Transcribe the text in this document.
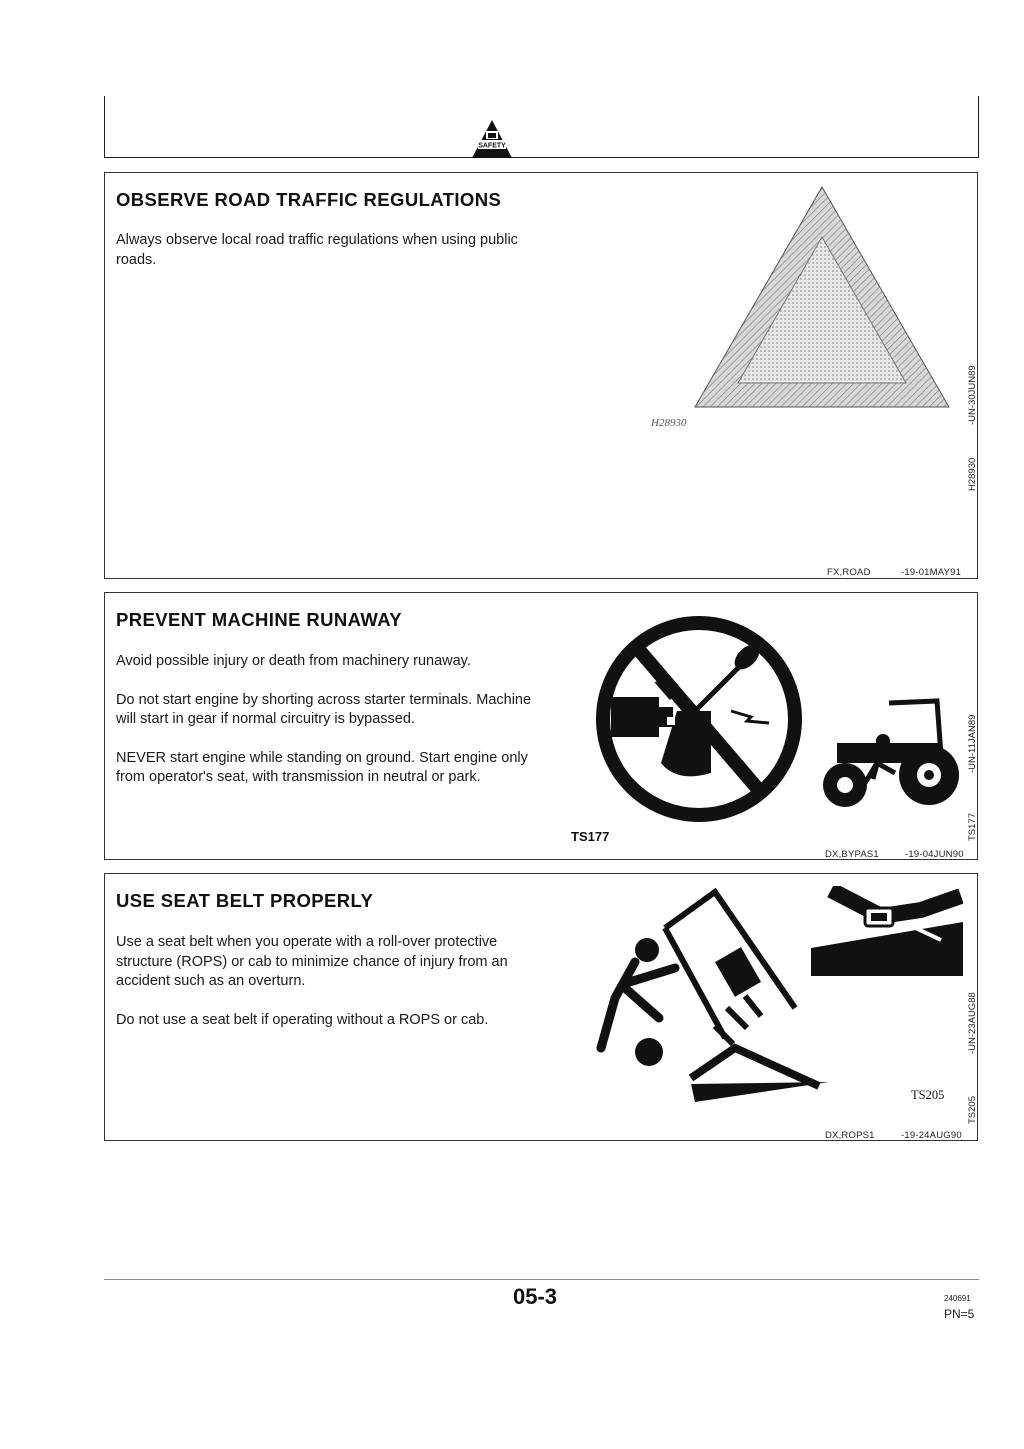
SAFETY
OBSERVE ROAD TRAFFIC REGULATIONS

Always observe local road traffic regulations when using public roads.

H28930	-UN-30JUN89
H28930
FX,ROAD	-19-01MAY91
PREVENT MACHINE RUNAWAY

Avoid possible injury or death from machinery runaway.

Do not start engine by shorting across starter terminals. Machine will start in gear if normal circuitry is bypassed.

NEVER start engine while standing on ground. Start engine only from operator's seat, with transmission in neutral or park.

TS177
-UN-11JAN89
TS177
DX,BYPAS1	-19-04JUN90
USE SEAT BELT PROPERLY

Use a seat belt when you operate with a roll-over protective structure (ROPS) or cab to minimize chance of injury from an accident such as an overturn.

Do not use a seat belt if operating without a ROPS or cab.

TS205
-UN-23AUG88
TS205
DX,ROPS1	-19-24AUG90
05-3	240691
PN=5
